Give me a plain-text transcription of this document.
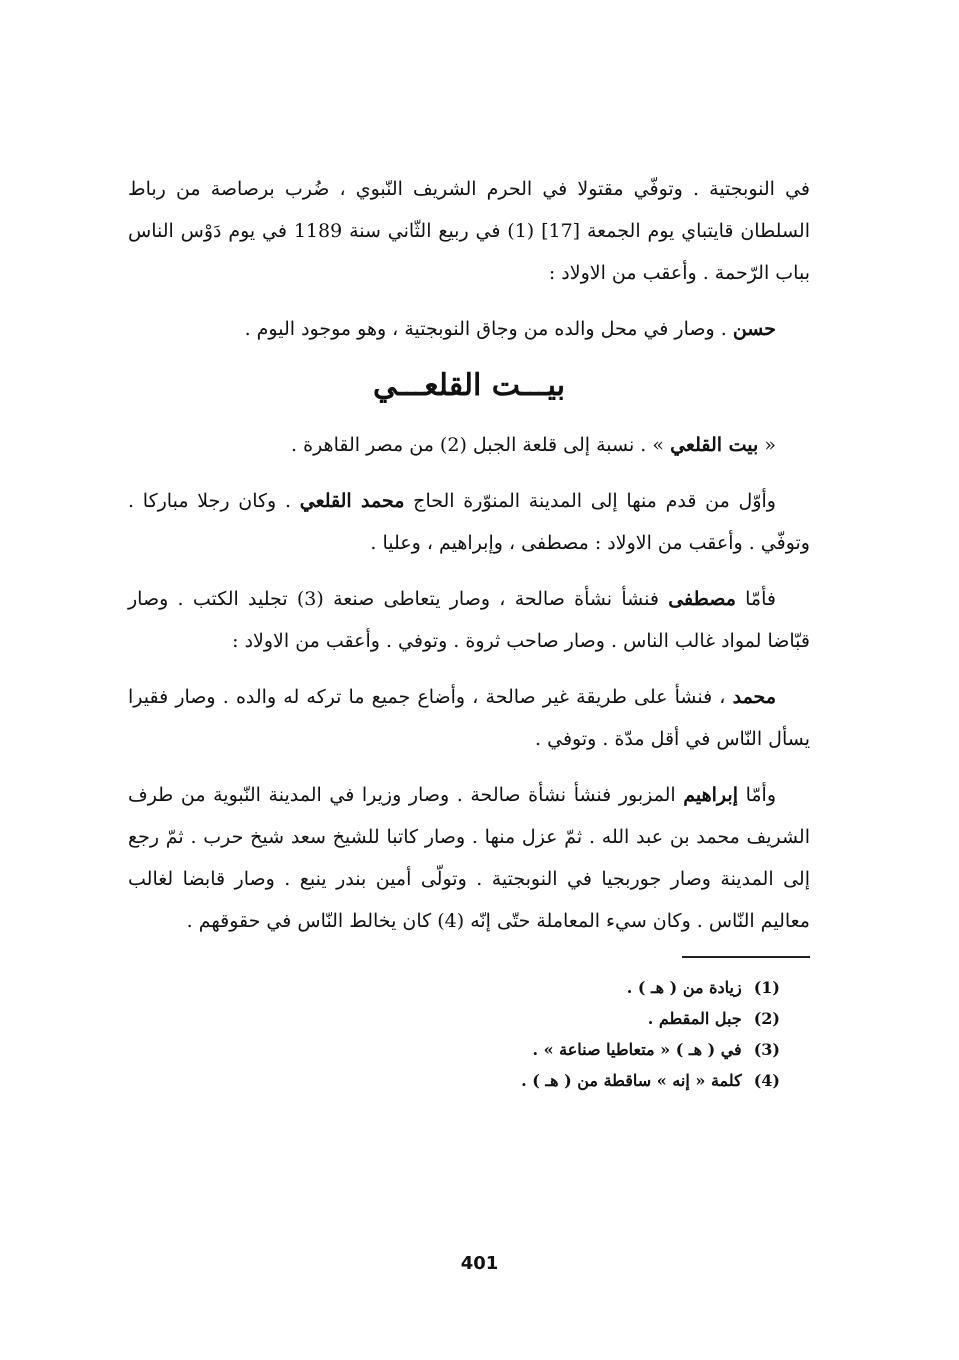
في النوبجتية . وتوفّي مقتولا في الحرم الشريف النّبوي ، ضُرب برصاصة من رباط السلطان قايتباي يوم الجمعة [17] (1) في ربيع الثّاني سنة 1189 في يوم دَوْس الناس بباب الرّحمة . وأعقب من الاولاد :

حسن . وصار في محل والده من وجاق النوبجتية ، وهو موجود اليوم .

بيـــت القلعـــي

« بيت القلعي » . نسبة إلى قلعة الجبل (2) من مصر القاهرة .

وأوّل من قدم منها إلى المدينة المنوّرة الحاج محمد القلعي . وكان رجلا مباركا . وتوفّي . وأعقب من الاولاد : مصطفى ، وإبراهيم ، وعليا .

فأمّا مصطفى فنشأ نشأة صالحة ، وصار يتعاطى صنعة (3) تجليد الكتب . وصار قبّاضا لمواد غالب الناس . وصار صاحب ثروة . وتوفي . وأعقب من الاولاد :

محمد ، فنشأ على طريقة غير صالحة ، وأضاع جميع ما تركه له والده . وصار فقيرا يسأل النّاس في أقل مدّة . وتوفي .

وأمّا إبراهيم المزبور فنشأ نشأة صالحة . وصار وزيرا في المدينة النّبوية من طرف الشريف محمد بن عبد الله . ثمّ عزل منها . وصار كاتبا للشيخ سعد شيخ حرب . ثمّ رجع إلى المدينة وصار جوربجيا في النوبجتية . وتولّى أمين بندر ينبع . وصار قابضا لغالب معاليم النّاس . وكان سيء المعاملة حتّى إنّه (4) كان يخالط النّاس في حقوقهم .

(1)زيادة من ( هـ ) .
(2)جبل المقطم .
(3)في ( هـ ) « متعاطيا صناعة » .
(4)كلمة « إنه » ساقطة من ( هـ ) .
401
